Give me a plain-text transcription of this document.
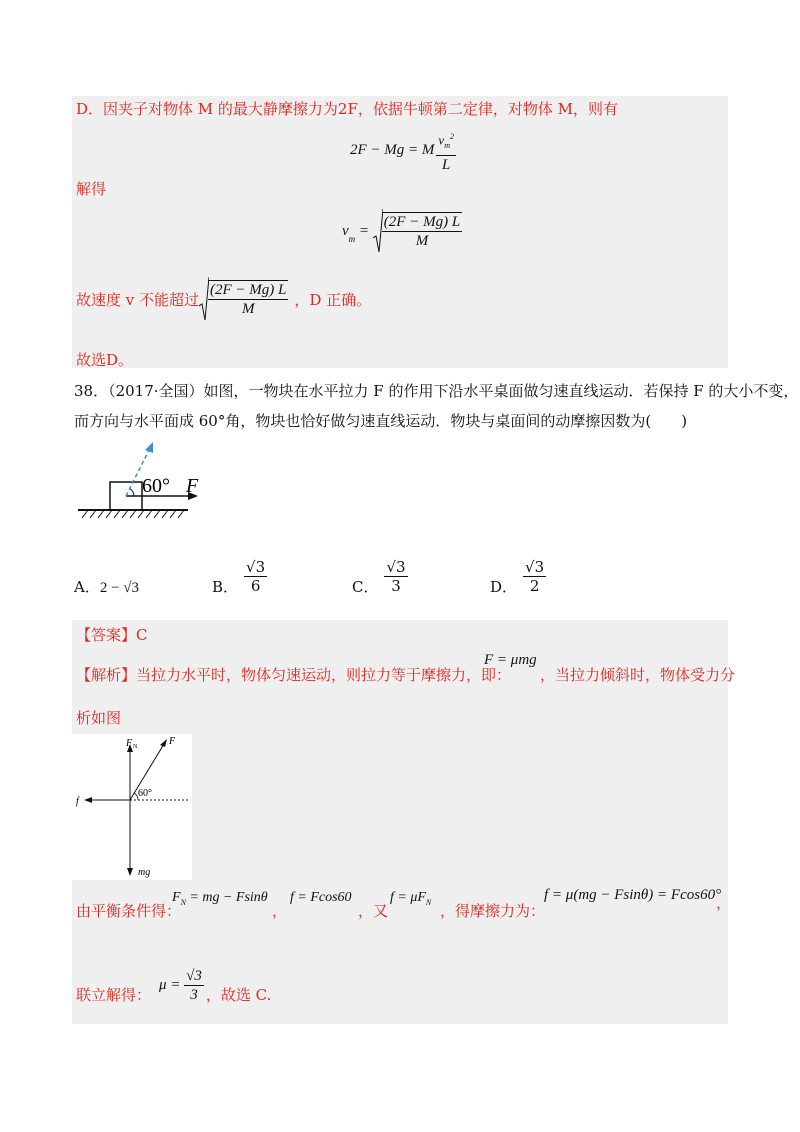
D．因夹子对物体 M 的最大静摩擦力为2F，依据牛顿第二定律，对物体 M，则有
2F − Mg = M $\frac{v_m^2}{L}$
解得
v
$_m$
= $\frac{(2F - Mg) L}{M}$
故速度 v 不能超过 $\frac{(2F - Mg) L}{M}$ ，D 正确。
故选D。
38．（2017·全国）如图，一物块在水平拉力 F 的作用下沿水平桌面做匀速直线运动．若保持 F 的大小不变，
而方向与水平面成 60°角，物块也恰好做匀速直线运动．物块与桌面间的动摩擦因数为(　　)
60° F
A．2 − √3	B． $\frac{√3}{6}$	C． $\frac{√3}{3}$	D． $\frac{√3}{2}$
【答案】C
【解析】当拉力水平时，物体匀速运动，则拉力等于摩擦力，即：
F = μmg
，当拉力倾斜时，物体受力分
析如图
F N	F
f
60°
mg
由平衡条件得：
$F_N$ = mg − Fsinθ
，
f = Fcos60
，又
$f = \mu F_N$ ，得摩擦力为：
f = μ(mg − Fsinθ) = Fcos60°
，
联立解得：
$\mu = \frac{√3}{3}$ ，故选 C.
